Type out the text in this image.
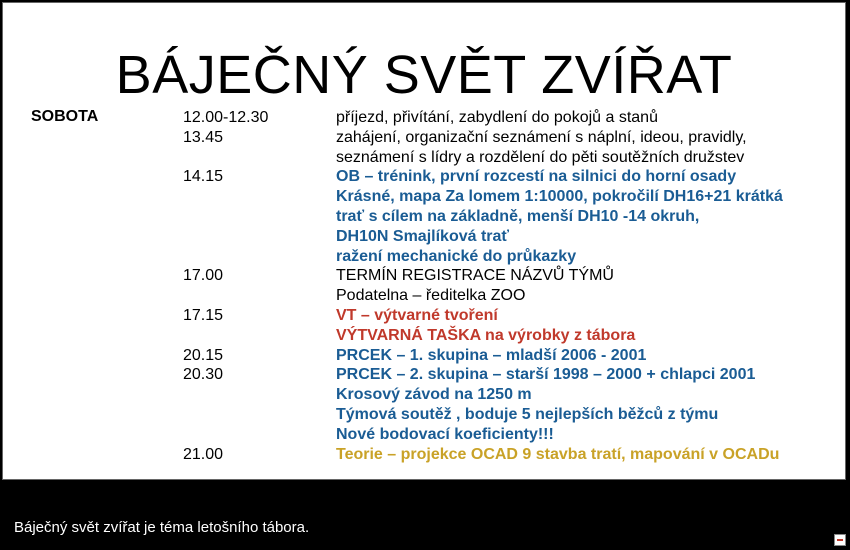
BÁJEČNÝ SVĚT ZVÍŘAT
SOBOTA	12.00-12.30	příjezd, přivítání, zabydlení do pokojů a stanů
13.45	zahájení, organizační seznámení s náplní, ideou, pravidly,
seznámení s lídry a rozdělení do pěti soutěžních družstev
14.15	OB – trénink, první rozcestí na silnici do horní osady
Krásné, mapa Za lomem 1:10000, pokročilí DH16+21 krátká
trať s cílem na základně, menší DH10 -14 okruh,
DH10N Smajlíková trať
ražení mechanické do průkazky
17.00	TERMÍN REGISTRACE NÁZVŮ TÝMŮ
Podatelna – ředitelka ZOO
17.15	VT – výtvarné tvoření
VÝTVARNÁ TAŠKA na výrobky z tábora
20.15	PRCEK – 1. skupina – mladší 2006 - 2001
20.30	PRCEK – 2. skupina – starší 1998 – 2000 + chlapci 2001
Krosový závod na 1250 m
Týmová soutěž , boduje 5 nejlepších běžců z týmu
Nové bodovací koeficienty!!!
21.00	Teorie – projekce OCAD 9 stavba tratí, mapování v OCADu
Báječný svět zvířat je téma letošního tábora.
